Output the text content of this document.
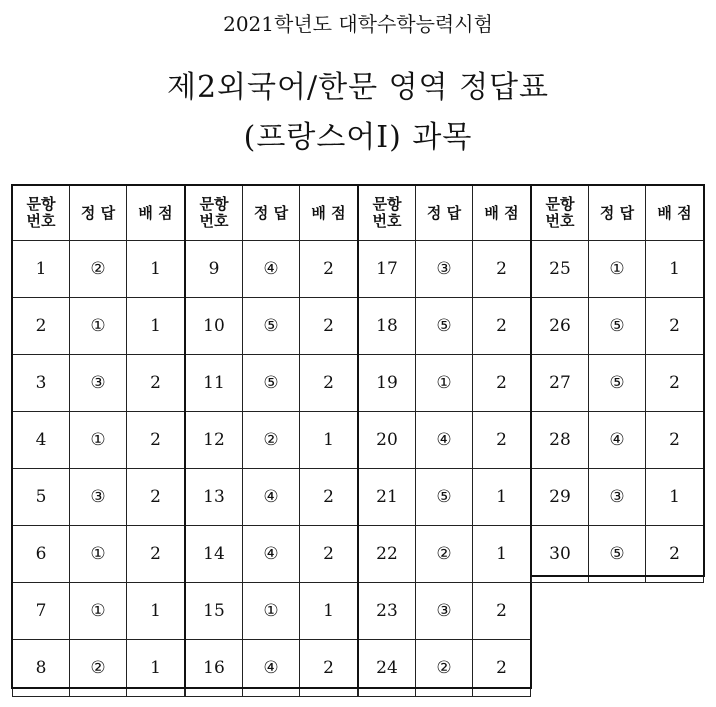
2021학년도 대학수학능력시험
제2외국어/한문 영역 정답표
(프랑스어Ⅰ) 과목
문항
번호	정 답	배 점
1	②	1
2	①	1
3	③	2
4	①	2
5	③	2
6	①	2
7	①	1
8	②	1
문항
번호	정 답	배 점
9	④	2
10	⑤	2
11	⑤	2
12	②	1
13	④	2
14	④	2
15	①	1
16	④	2
문항
번호	정 답	배 점
17	③	2
18	⑤	2
19	①	2
20	④	2
21	⑤	1
22	②	1
23	③	2
24	②	2
문항
번호	정 답	배 점
25	①	1
26	⑤	2
27	⑤	2
28	④	2
29	③	1
30	⑤	2
